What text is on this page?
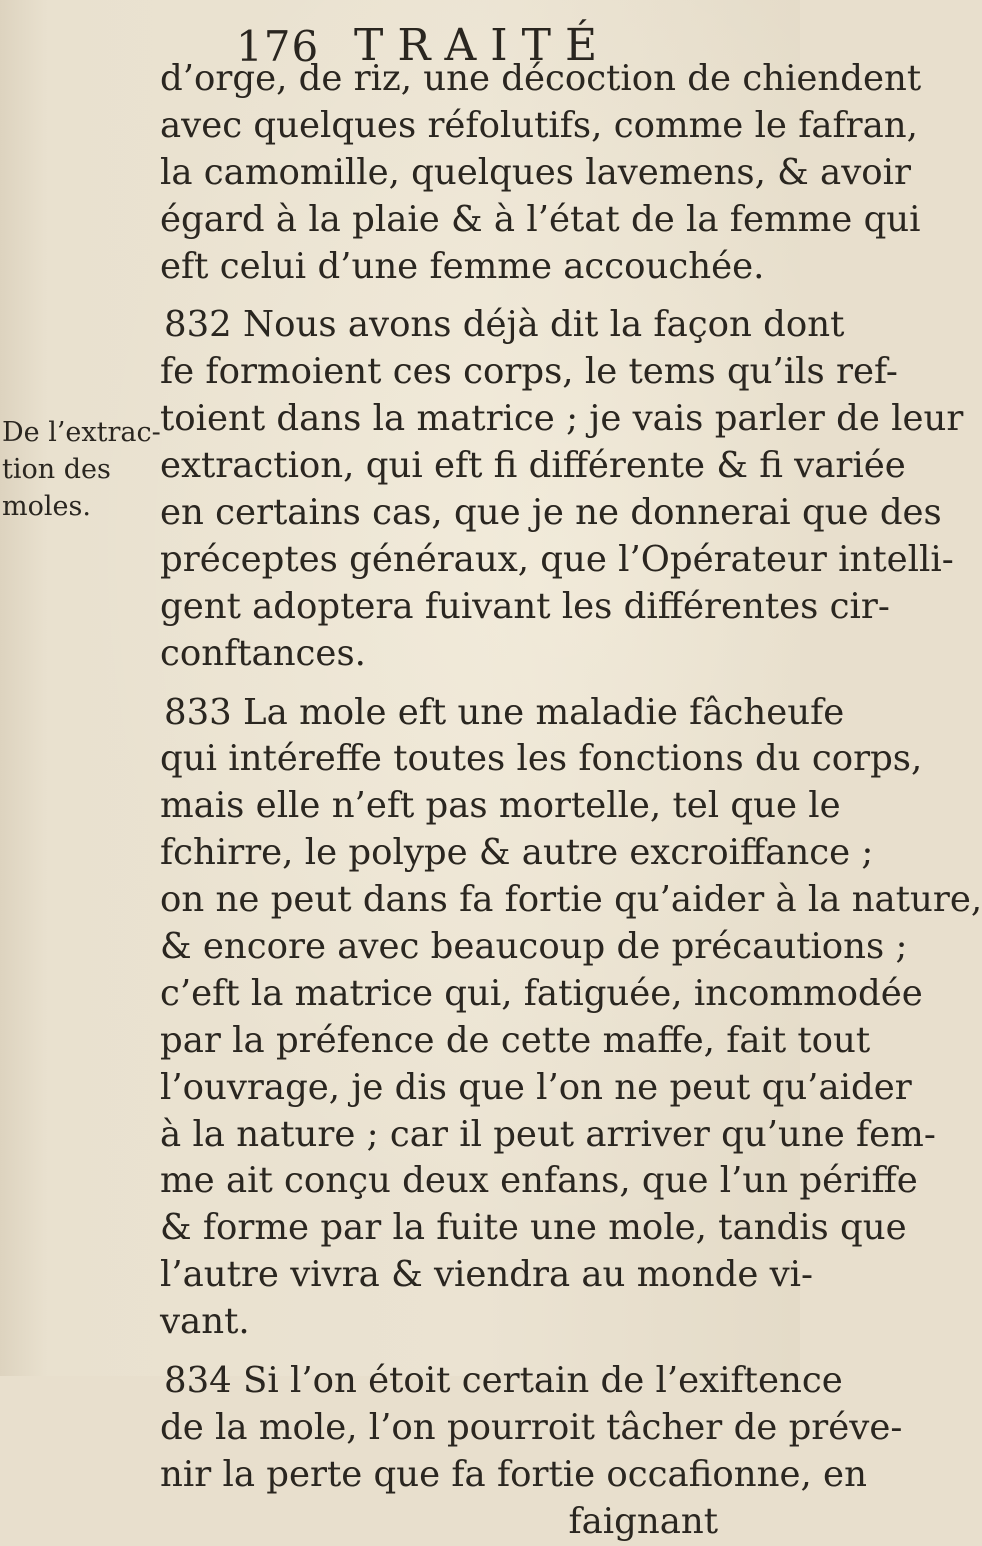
176 TRAITÉ
De l’extrac-
tion des
moles.
d’orge, de riz, une décoction de chiendent
avec quelques réfolutifs, comme le fafran,
la camomille, quelques lavemens, & avoir
égard à la plaie & à l’état de la femme qui
eft celui d’une femme accouchée.
832 Nous avons déjà dit la façon dont
fe formoient ces corps, le tems qu’ils ref-
toient dans la matrice ; je vais parler de leur
extraction, qui eft fi différente & fi variée
en certains cas, que je ne donnerai que des
préceptes généraux, que l’Opérateur intelli-
gent adoptera fuivant les différentes cir-
conftances.
833 La mole eft une maladie fâcheufe
qui intéreffe toutes les fonctions du corps,
mais elle n’eft pas mortelle, tel que le
fchirre, le polype & autre excroiffance ;
on ne peut dans fa fortie qu’aider à la nature,
& encore avec beaucoup de précautions ;
c’eft la matrice qui, fatiguée, incommodée
par la préfence de cette maffe, fait tout
l’ouvrage, je dis que l’on ne peut qu’aider
à la nature ; car il peut arriver qu’une fem-
me ait conçu deux enfans, que l’un périffe
& forme par la fuite une mole, tandis que
l’autre vivra & viendra au monde vi-
vant.
834 Si l’on étoit certain de l’exiftence
de la mole, l’on pourroit tâcher de préve-
nir la perte que fa fortie occafionne, en
faignant
